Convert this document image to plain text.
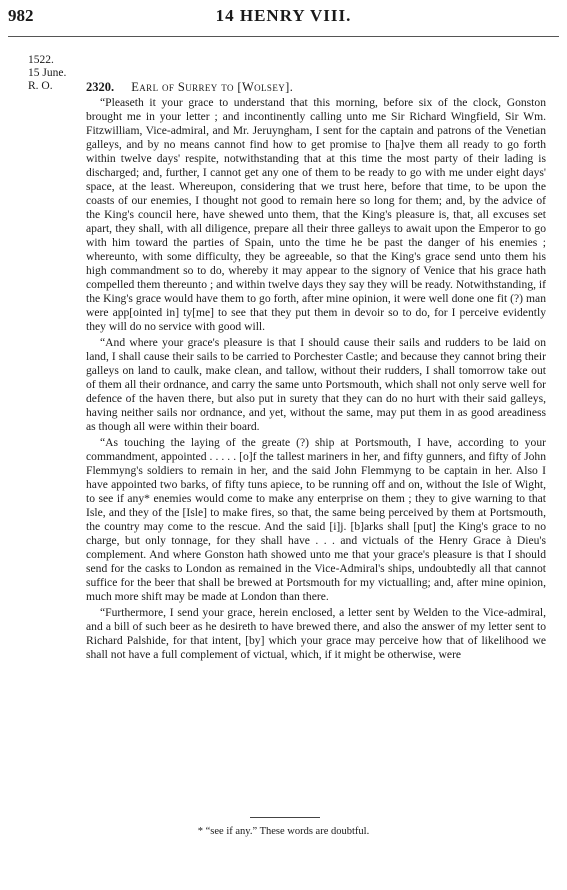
982	14 HENRY VIII.
1522.
15 June.
R. O.	2320. Earl of Surrey to [Wolsey].

“Pleaseth it your grace to understand that this morning, before six of the clock, Gonston brought me in your letter ; and incontinently calling unto me Sir Richard Wingfield, Sir Wm. Fitzwilliam, Vice-admiral, and Mr. Jeruyngham, I sent for the captain and patrons of the Venetian galleys, and by no means cannot find how to get promise to [ha]ve them all ready to go forth within twelve days' respite, notwithstanding that at this time the most party of their lading is discharged; and, further, I cannot get any one of them to be ready to go with me under eight days' space, at the least. Whereupon, considering that we trust here, before that time, to be upon the coasts of our enemies, I thought not good to remain here so long for them; and, by the advice of the King's council here, have shewed unto them, that the King's pleasure is, that, all excuses set apart, they shall, with all diligence, prepare all their three galleys to await upon the Emperor to go with him toward the parties of Spain, unto the time he be past the danger of his enemies ; whereunto, with some difficulty, they be agreeable, so that the King's grace send unto them his high commandment so to do, whereby it may appear to the signory of Venice that his grace hath compelled them thereunto ; and within twelve days they say they will be ready. Notwithstanding, if the King's grace would have them to go forth, after mine opinion, it were well done one fit (?) man were app[ointed in] ty[me] to see that they put them in devoir so to do, for I perceive evidently they will do no service with good will.

“And where your grace's pleasure is that I should cause their sails and rudders to be laid on land, I shall cause their sails to be carried to Porchester Castle; and because they cannot bring their galleys on land to caulk, make clean, and tallow, without their rudders, I shall tomorrow take out of them all their ordnance, and carry the same unto Portsmouth, which shall not only serve well for defence of the haven there, but also put in surety that they can do no hurt with their said galleys, having neither sails nor ordnance, and yet, without the same, may put them in as good areadiness as though all were within their board.

“As touching the laying of the greate (?) ship at Portsmouth, I have, according to your commandment, appointed . . . . . [o]f the tallest mariners in her, and fifty gunners, and fifty of John Flemmyng's soldiers to remain in her, and the said John Flemmyng to be captain in her. Also I have appointed two barks, of fifty tuns apiece, to be running off and on, without the Isle of Wight, to see if any* enemies would come to make any enterprise on them ; they to give warning to that Isle, and they of the [Isle] to make fires, so that, the same being perceived by them at Portsmouth, the country may come to the rescue. And the said [i]j. [b]arks shall [put] the King's grace to no charge, but only tonnage, for they shall have . . . and victuals of the Henry Grace à Dieu's complement. And where Gonston hath showed unto me that your grace's pleasure is that I should send for the casks to London as remained in the Vice-Admiral's ships, undoubtedly all that cannot suffice for the beer that shall be brewed at Portsmouth for my victualling; and, after mine opinion, much more shift may be made at London than there.

“Furthermore, I send your grace, herein enclosed, a letter sent by Welden to the Vice-admiral, and a bill of such beer as he desireth to have brewed there, and also the answer of my letter sent to Richard Palshide, for that intent, [by] which your grace may perceive how that of likelihood we shall not have a full complement of victual, which, if it might be otherwise, were

* “see if any.” These words are doubtful.
